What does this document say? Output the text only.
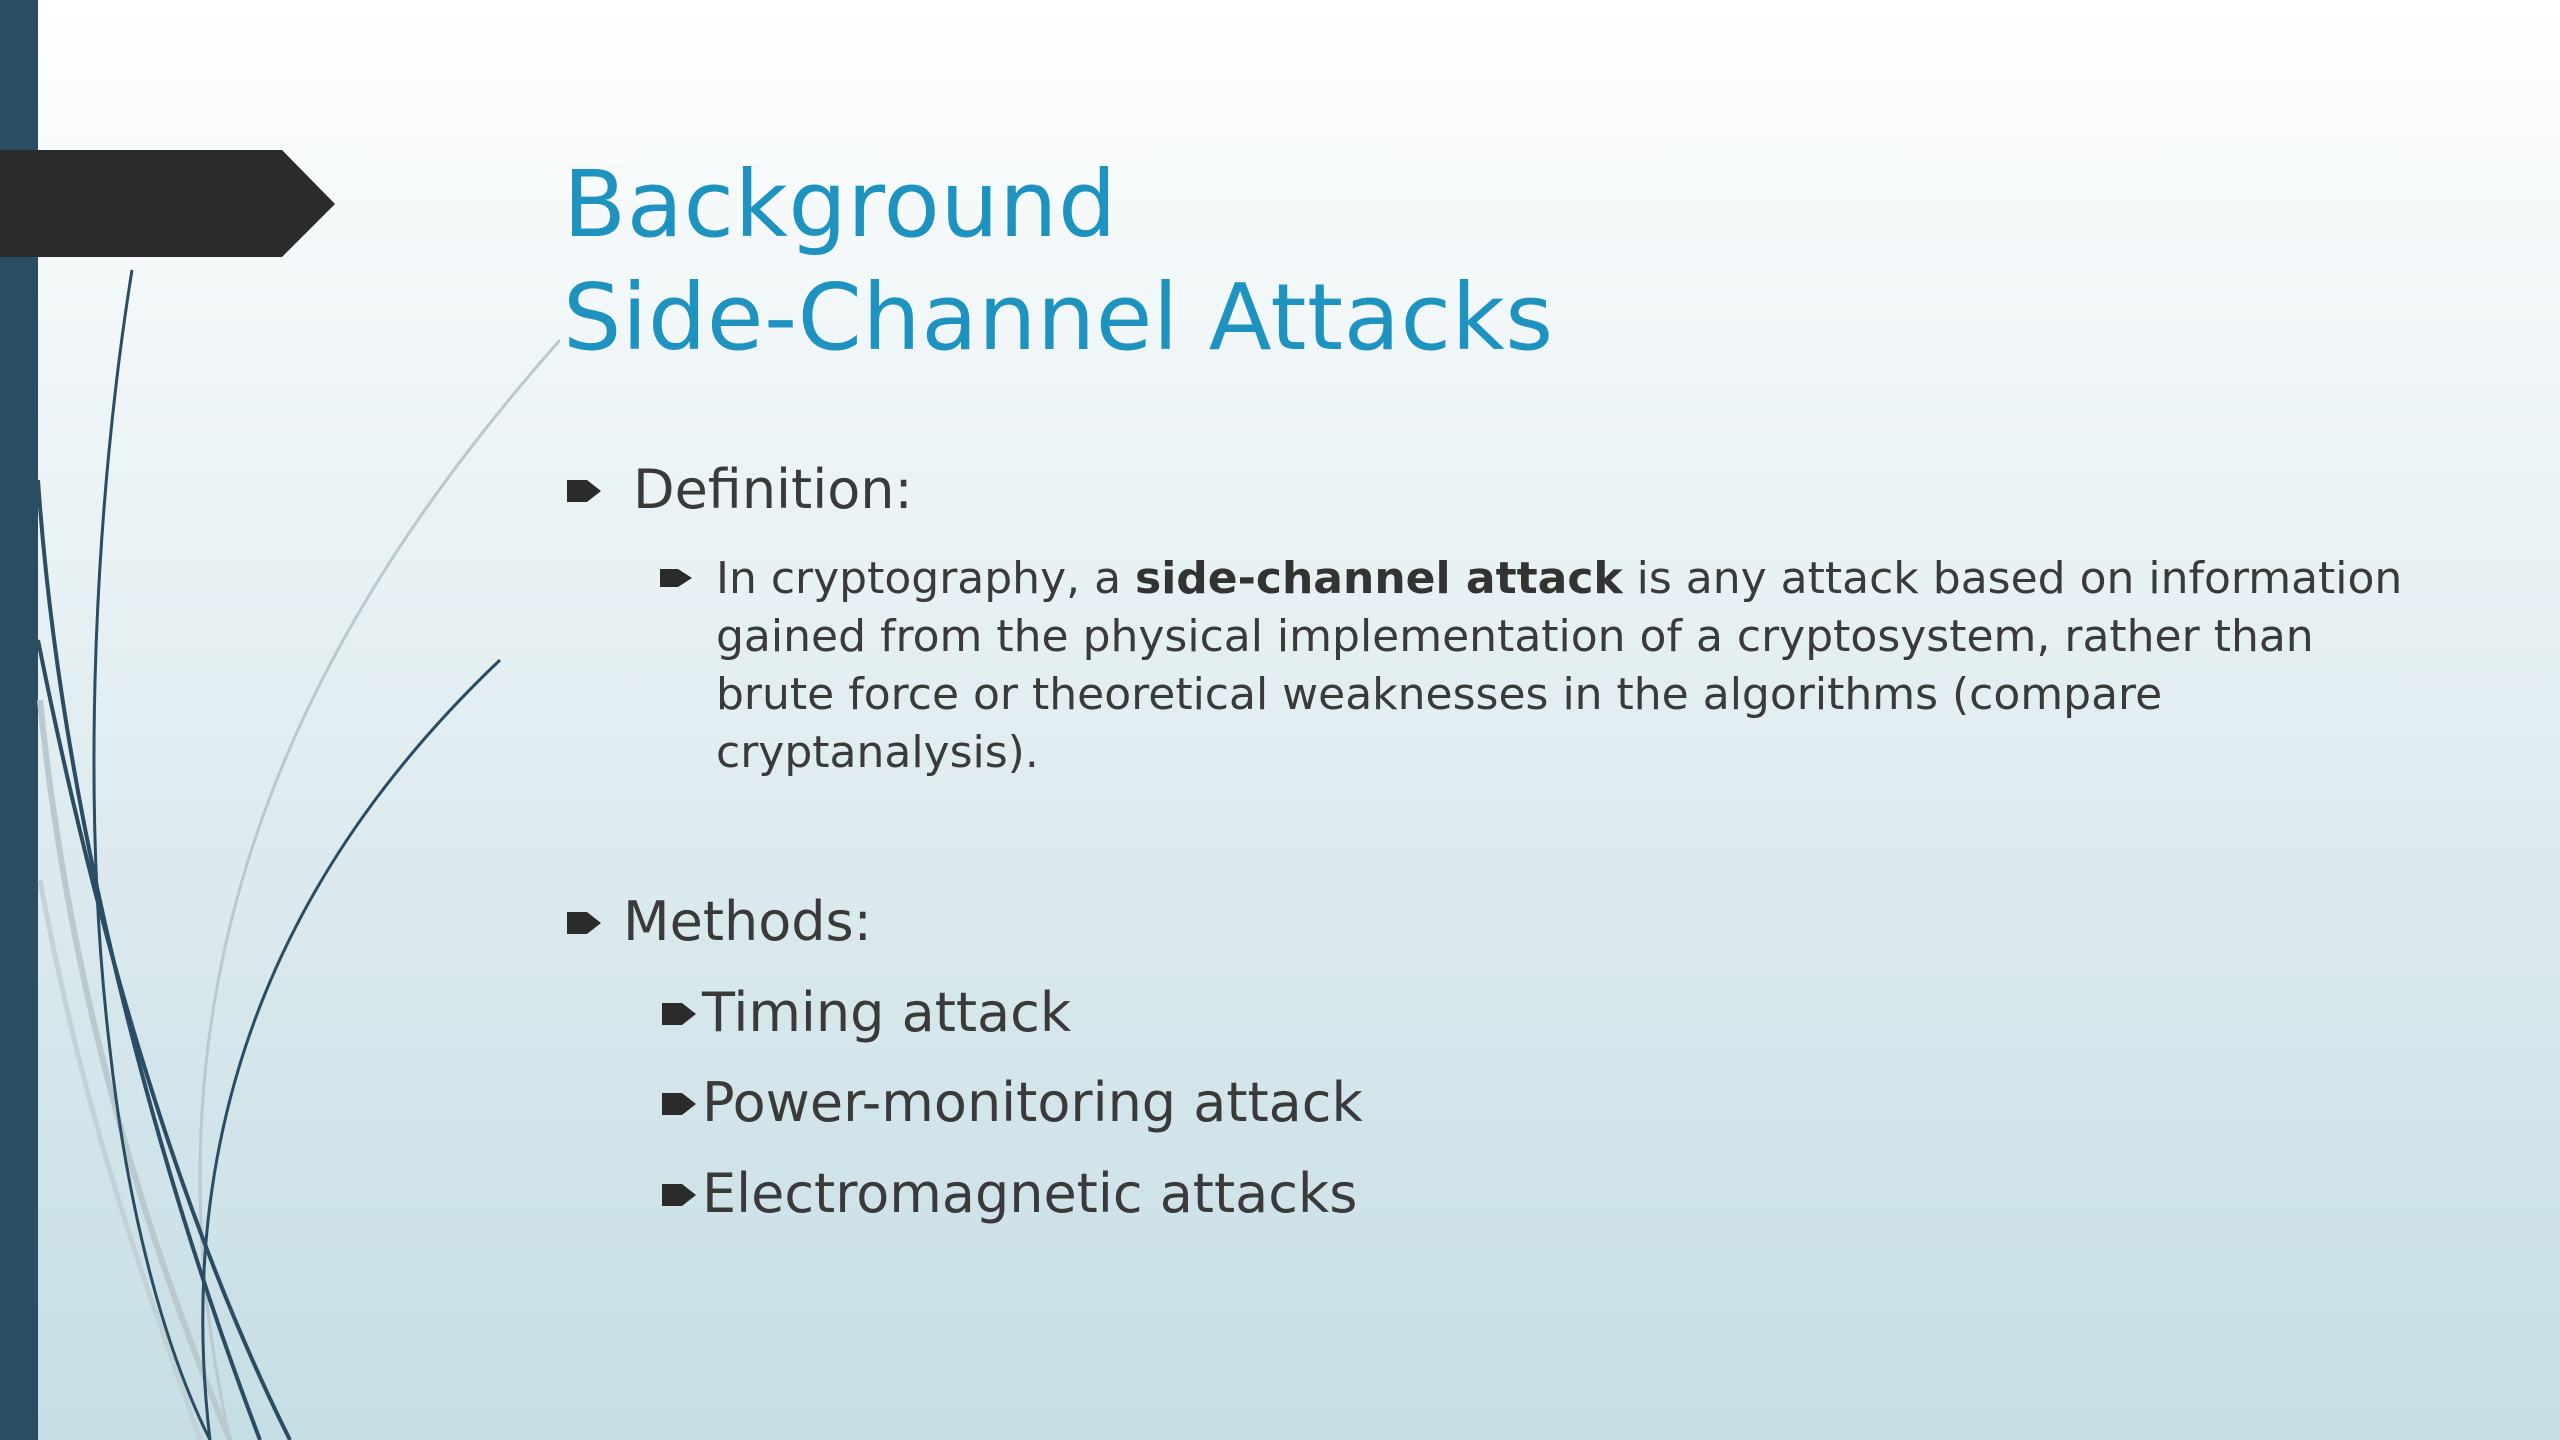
Background
Side-Channel Attacks
Definition:
In cryptography, a side-channel attack is any attack based on information gained from the physical implementation of a cryptosystem, rather than brute force or theoretical weaknesses in the algorithms (compare cryptanalysis).
Methods:
Timing attack
Power-monitoring attack
Electromagnetic attacks
